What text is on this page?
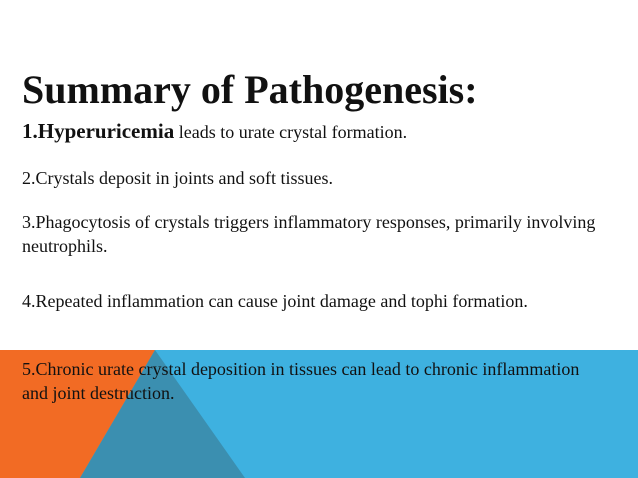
Summary of Pathogenesis:

1.Hyperuricemia leads to urate crystal formation.

2.Crystals deposit in joints and soft tissues.

3.Phagocytosis of crystals triggers inflammatory responses, primarily involving neutrophils.

4.Repeated inflammation can cause joint damage and tophi formation.

5.Chronic urate crystal deposition in tissues can lead to chronic inflammation and joint destruction.
